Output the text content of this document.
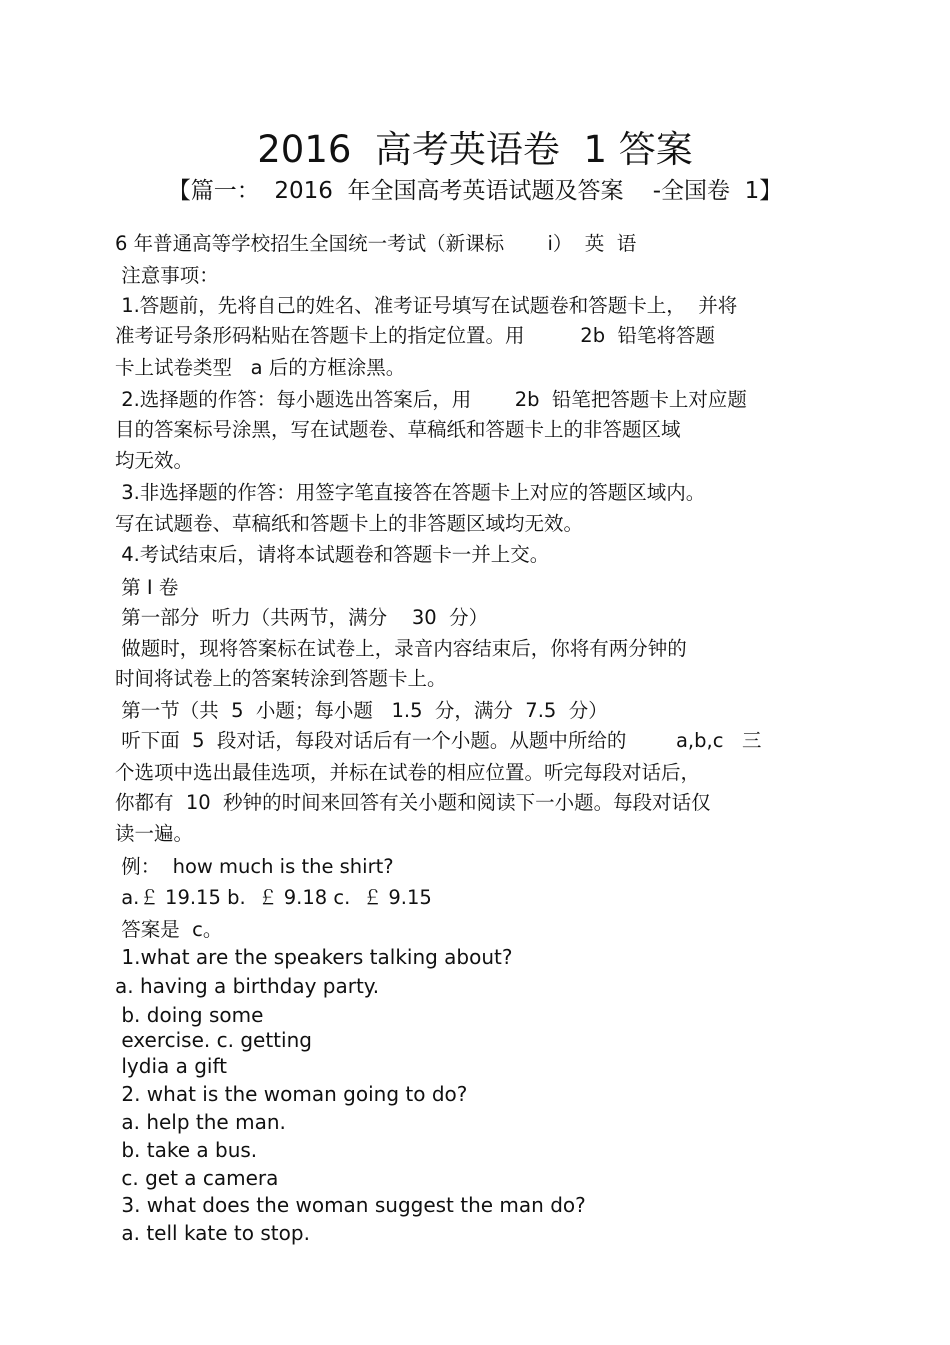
2016  高考英语卷  1 答案
【篇一：  2016  年全国高考英语试题及答案    -全国卷  1】
6 年普通高等学校招生全国统一考试（新课标       i）  英  语
注意事项：
1.答题前，先将自己的姓名、准考证号填写在试题卷和答题卡上，  并将
准考证号条形码粘贴在答题卡上的指定位置。用         2b  铅笔将答题
卡上试卷类型   a 后的方框涂黑。
2.选择题的作答：每小题选出答案后，用       2b  铅笔把答题卡上对应题
目的答案标号涂黑，写在试题卷、草稿纸和答题卡上的非答题区域
均无效。
3.非选择题的作答：用签字笔直接答在答题卡上对应的答题区域内。
写在试题卷、草稿纸和答题卡上的非答题区域均无效。
4.考试结束后，请将本试题卷和答题卡一并上交。
第 I 卷
第一部分  听力（共两节，满分    30  分）
做题时，现将答案标在试卷上，录音内容结束后，你将有两分钟的
时间将试卷上的答案转涂到答题卡上。
第一节（共  5  小题；每小题   1.5  分，满分  7.5  分）
听下面  5  段对话，每段对话后有一个小题。从题中所给的        a,b,c   三
个选项中选出最佳选项，并标在试卷的相应位置。听完每段对话后，
你都有  10  秒钟的时间来回答有关小题和阅读下一小题。每段对话仅
读一遍。
例：  how much is the shirt?
a.￡ 19.15 b.  ￡ 9.18 c.  ￡ 9.15
答案是  c。
1.what are the speakers talking about?
a. having a birthday party.
b. doing some
exercise. c. getting
lydia a gift
2. what is the woman going to do?
a. help the man.
b. take a bus.
c. get a camera
3. what does the woman suggest the man do?
a. tell kate to stop.
